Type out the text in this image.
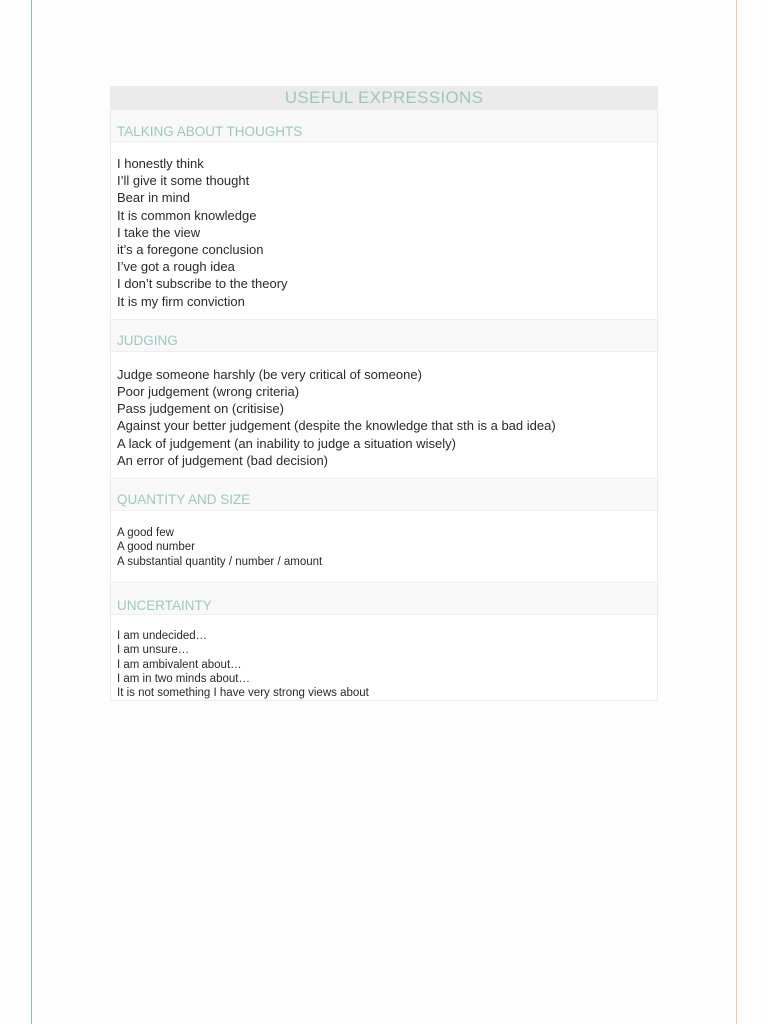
USEFUL EXPRESSIONS
TALKING ABOUT THOUGHTS
I honestly think
I’ll give it some thought
Bear in mind
It is common knowledge
I take the view
it’s a foregone conclusion
I’ve got a rough idea
I don’t subscribe to the theory
It is my firm conviction
JUDGING
Judge someone harshly (be very critical of someone)
Poor judgement (wrong criteria)
Pass judgement on (critisise)
Against your better judgement (despite the knowledge that sth is a bad idea)
A lack of judgement (an inability to judge a situation wisely)
An error of judgement (bad decision)
QUANTITY AND SIZE
A good few
A good number
A substantial quantity / number / amount
UNCERTAINTY
I am undecided…
I am unsure…
I am ambivalent about…
I am in two minds about…
It is not something I have very strong views about
